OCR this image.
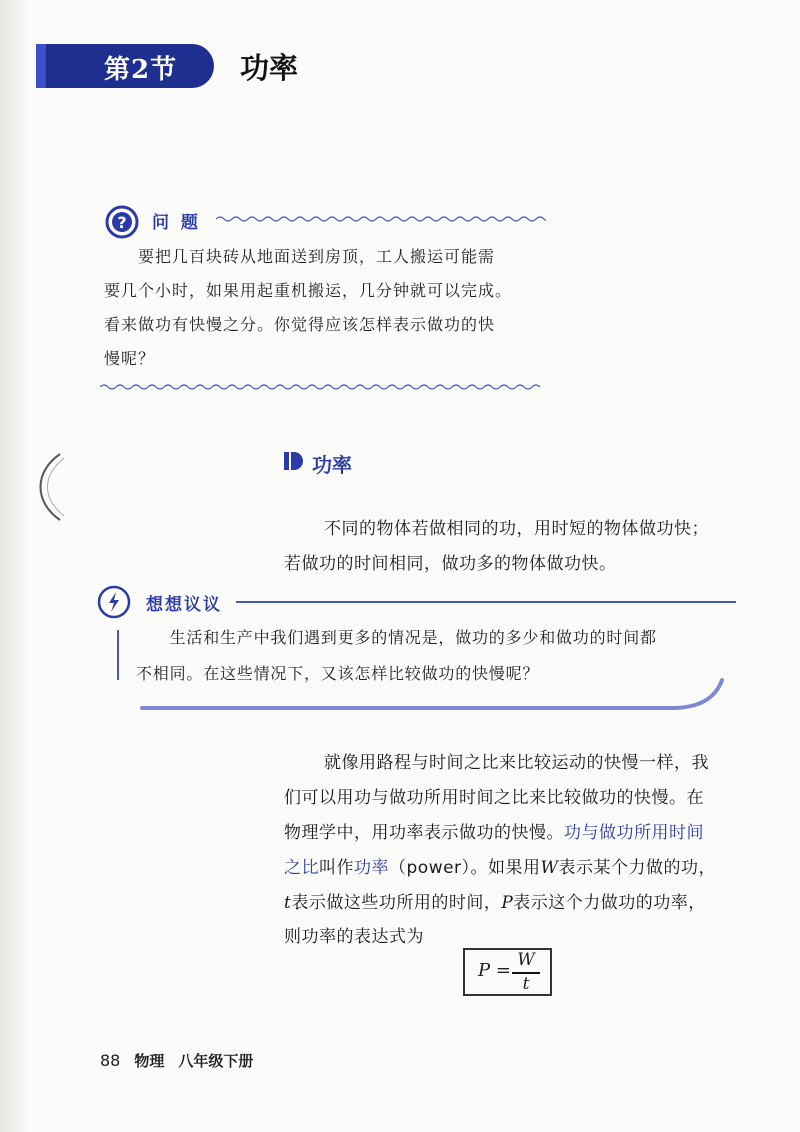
第2节 功率
? 问 题
　　要把几百块砖从地面送到房顶，工人搬运可能需
要几个小时，如果用起重机搬运，几分钟就可以完成。
看来做功有快慢之分。你觉得应该怎样表示做功的快
慢呢？
功率
不同的物体若做相同的功，用时短的物体做功快；
若做功的时间相同，做功多的物体做功快。
想想议议
　　生活和生产中我们遇到更多的情况是，做功的多少和做功的时间都
不相同。在这些情况下，又该怎样比较做功的快慢呢？
就像用路程与时间之比来比较运动的快慢一样，我
们可以用功与做功所用时间之比来比较做功的快慢。在
物理学中，用功率表示做功的快慢。功与做功所用时间
之比叫作功率（power）。如果用W表示某个力做的功，
t表示做这些功所用的时间，P表示这个力做功的功率，
则功率的表达式为
P = W
t
88 物理 八年级下册
